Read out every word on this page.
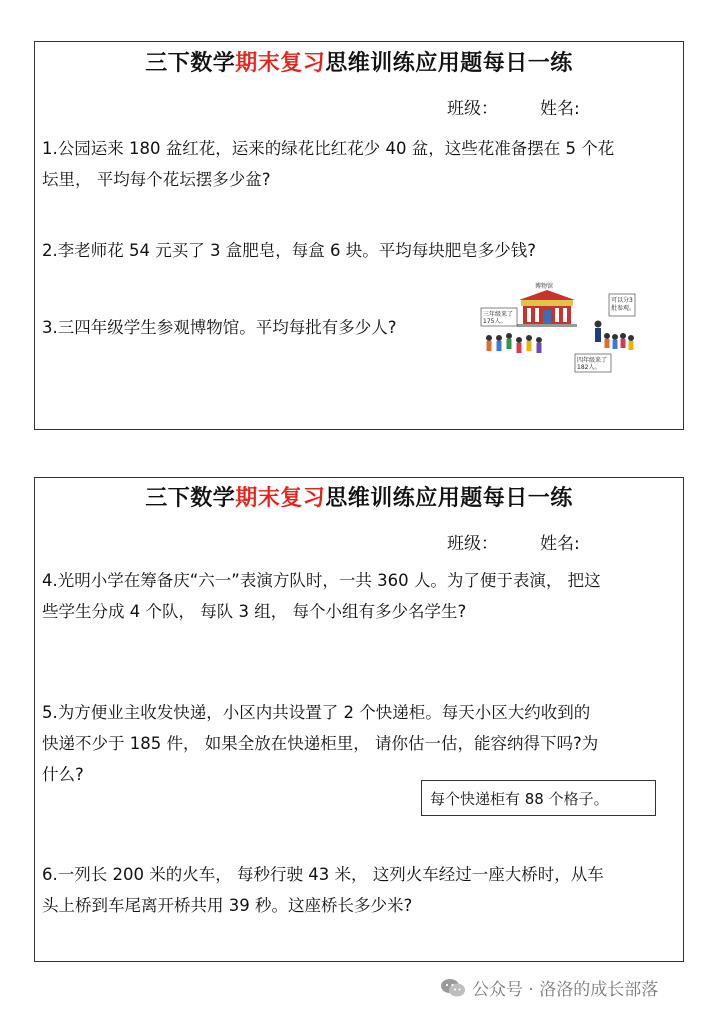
三下数学期末复习思维训练应用题每日一练
班级： 姓名:
1.公园运来 180 盆红花，运来的绿花比红花少 40 盆，这些花准备摆在 5 个花
坛里， 平均每个花坛摆多少盆?
2.李老师花 54 元买了 3 盒肥皂，每盒 6 块。平均每块肥皂多少钱?
3.三四年级学生参观博物馆。平均每批有多少人?
博物馆
三年级来了
175人。
可以分3
批参观。
四年级来了
182人。
三下数学期末复习思维训练应用题每日一练
班级： 姓名:
4.光明小学在筹备庆“六一”表演方队时，一共 360 人。为了便于表演， 把这
些学生分成 4 个队， 每队 3 组， 每个小组有多少名学生?
5.为方便业主收发快递，小区内共设置了 2 个快递柜。每天小区大约收到的
快递不少于 185 件， 如果全放在快递柜里， 请你估一估，能容纳得下吗?为
什么?
每个快递柜有 88 个格子。
6.一列长 200 米的火车， 每秒行驶 43 米， 这列火车经过一座大桥时，从车
头上桥到车尾离开桥共用 39 秒。这座桥长多少米?
公众号 · 洛洛的成长部落
